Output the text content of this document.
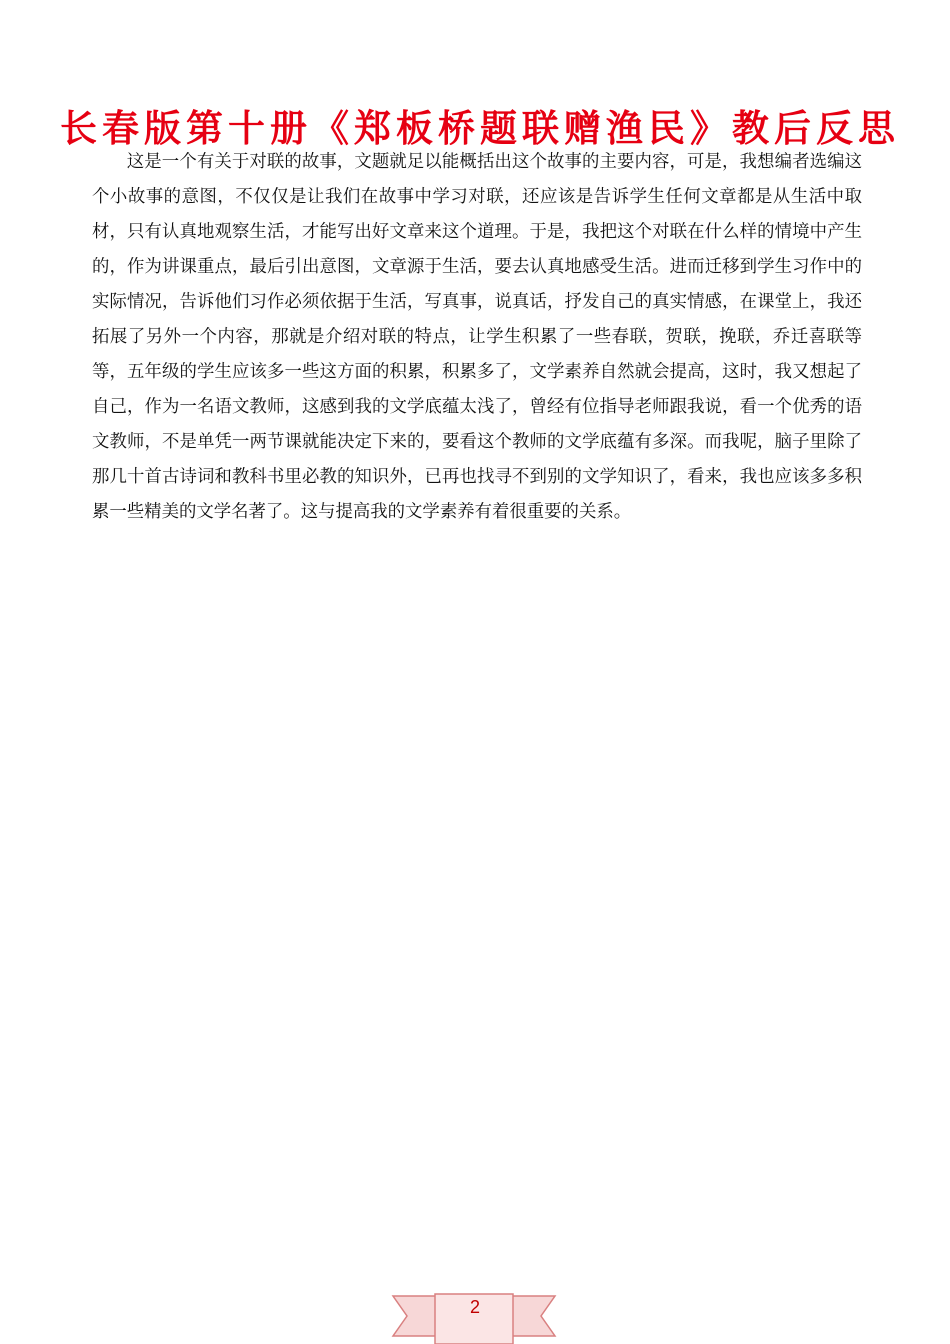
长春版第十册《郑板桥题联赠渔民》教后反思

这是一个有关于对联的故事，文题就足以能概括出这个故事的主要内容，可是，我想编者选编这个小故事的意图，不仅仅是让我们在故事中学习对联，还应该是告诉学生任何文章都是从生活中取材，只有认真地观察生活，才能写出好文章来这个道理。于是，我把这个对联在什么样的情境中产生的，作为讲课重点，最后引出意图，文章源于生活，要去认真地感受生活。进而迁移到学生习作中的实际情况，告诉他们习作必须依据于生活，写真事，说真话，抒发自己的真实情感，在课堂上，我还拓展了另外一个内容，那就是介绍对联的特点，让学生积累了一些春联，贺联，挽联，乔迁喜联等等，五年级的学生应该多一些这方面的积累，积累多了，文学素养自然就会提高，这时，我又想起了自己，作为一名语文教师，这感到我的文学底蕴太浅了，曾经有位指导老师跟我说，看一个优秀的语文教师，不是单凭一两节课就能决定下来的，要看这个教师的文学底蕴有多深。而我呢，脑子里除了那几十首古诗词和教科书里必教的知识外，已再也找寻不到别的文学知识了，看来，我也应该多多积累一些精美的文学名著了。这与提高我的文学素养有着很重要的关系。

2
